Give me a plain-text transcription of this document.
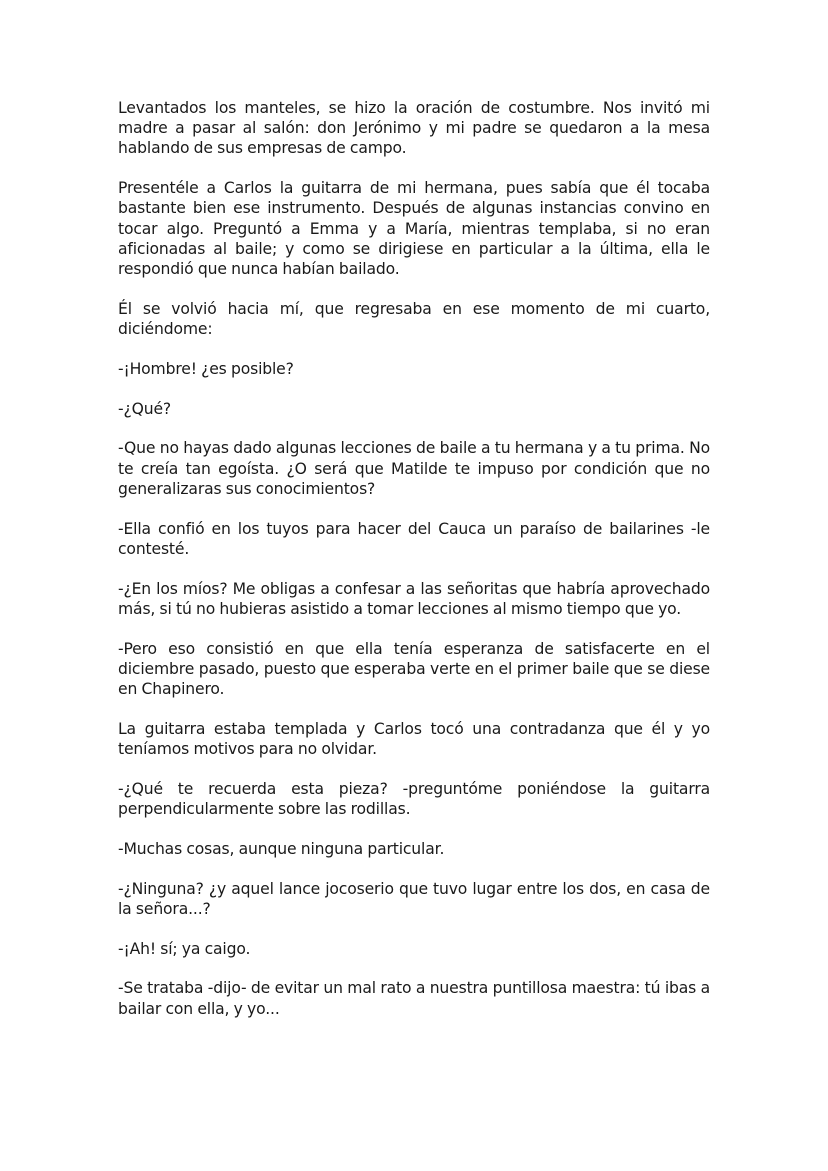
Levantados los manteles, se hizo la oración de costumbre. Nos invitó mi madre a pasar al salón: don Jerónimo y mi padre se quedaron a la mesa hablando de sus empresas de campo.

Presentéle a Carlos la guitarra de mi hermana, pues sabía que él tocaba bastante bien ese instrumento. Después de algunas instancias convino en tocar algo. Preguntó a Emma y a María, mientras templaba, si no eran aficionadas al baile; y como se dirigiese en particular a la última, ella le respondió que nunca habían bailado.

Él se volvió hacia mí, que regresaba en ese momento de mi cuarto, diciéndome:

-¡Hombre! ¿es posible?

-¿Qué?

-Que no hayas dado algunas lecciones de baile a tu hermana y a tu prima. No te creía tan egoísta. ¿O será que Matilde te impuso por condición que no generalizaras sus conocimientos?

-Ella confió en los tuyos para hacer del Cauca un paraíso de bailarines -le contesté.

-¿En los míos? Me obligas a confesar a las señoritas que habría aprovechado más, si tú no hubieras asistido a tomar lecciones al mismo tiempo que yo.

-Pero eso consistió en que ella tenía esperanza de satisfacerte en el diciembre pasado, puesto que esperaba verte en el primer baile que se diese en Chapinero.

La guitarra estaba templada y Carlos tocó una contradanza que él y yo teníamos motivos para no olvidar.

-¿Qué te recuerda esta pieza? -preguntóme poniéndose la guitarra perpendicularmente sobre las rodillas.

-Muchas cosas, aunque ninguna particular.

-¿Ninguna? ¿y aquel lance jocoserio que tuvo lugar entre los dos, en casa de la señora...?

-¡Ah! sí; ya caigo.

-Se trataba -dijo- de evitar un mal rato a nuestra puntillosa maestra: tú ibas a bailar con ella, y yo...
